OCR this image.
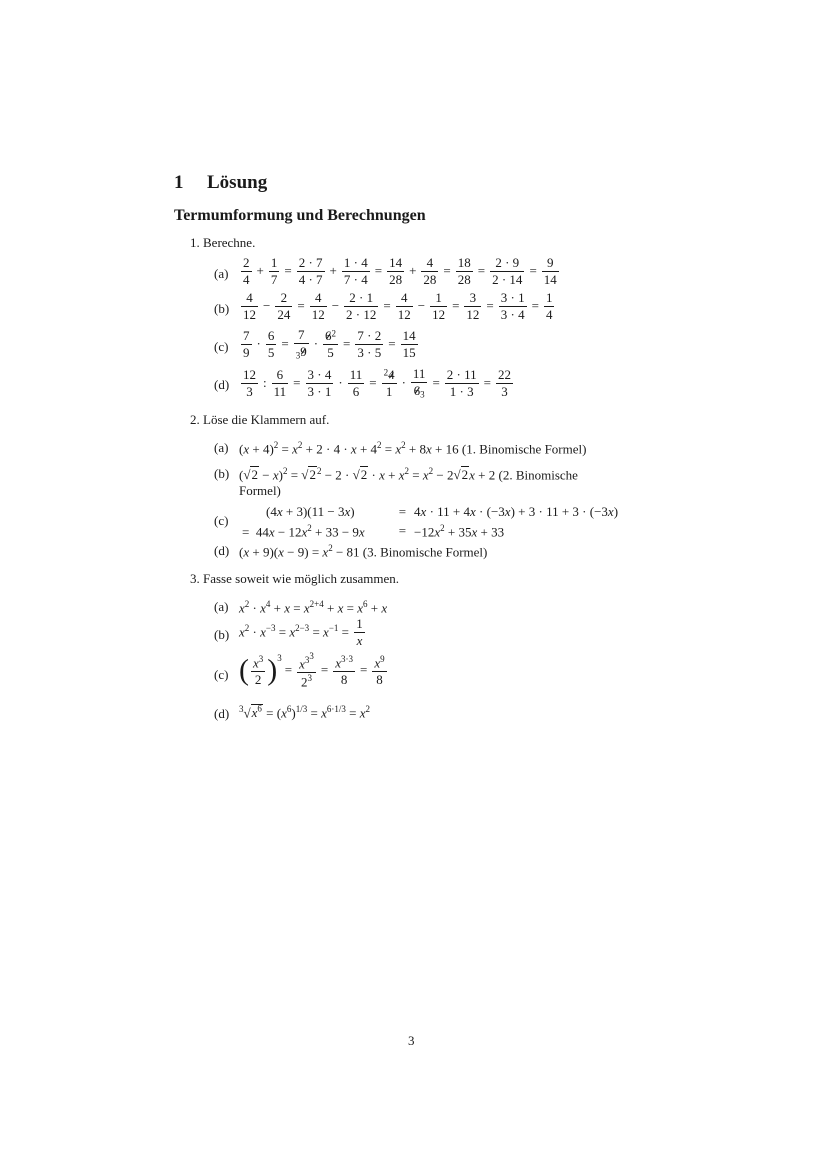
1 Lösung
Termumformung und Berechnungen
1. Berechne.
$(a) \frac{2}{4} + \frac{1}{7} = \frac{2 \cdot 7}{4 \cdot 7} + \frac{1 \cdot 4}{7 \cdot 4} = \frac{14}{28} + \frac{4}{28} = \frac{18}{28} = \frac{2 \cdot 9}{2 \cdot 14} = \frac{9}{14}$
$(b) \frac{4}{12} - \frac{2}{24} = \frac{4}{12} - \frac{2 \cdot 1}{2 \cdot 12} = \frac{4}{12} - \frac{1}{12} = \frac{3}{12} = \frac{3 \cdot 1}{3 \cdot 4} = \frac{1}{4}$
$(c) \frac{7}{9} \cdot \frac{6}{5} = \frac{7}{_39} \cdot \frac{6^2}{5} = \frac{7 \cdot 2}{3 \cdot 5} = \frac{14}{15}$
$(d) \frac{12}{3}$ : $\frac{6}{11} = \frac{3 \cdot 4}{3 \cdot 1} \cdot \frac{11}{6} = \frac{^24}{1} \cdot \frac{11}{6_3} = \frac{2 \cdot 11}{1 \cdot 3} = \frac{22}{3}$
2. Löse die Klammern auf.
(a) $(x + 4)^2 = x^2 + 2 \cdot 4 \cdot x + 4^2 = x^2 + 8x + 16$ (1. Binomische Formel)
(b) $(√2 - x)^2 = √2^2 - 2 \cdot √2 \cdot x + x^2 = x^2 - 2√2x + 2$ (2. Binomische
Formel)
(c)
(4x + 3)(11 − 3x)	=	4x · 11 + 4x · (−3x) + 3 · 11 + 3 · (−3x)
=  $44x - 12x^2 + 33 - 9x$	=	$-12x^2 + 35x + 33$
(d) $(x + 9)(x - 9) = x^2 - 81$ (3. Binomische Formel)
3. Fasse soweit wie möglich zusammen.
(a) $x^2 \cdot x^4 + x = x^{2+4} + x = x^6 + x$
(b) $x^2 \cdot x^{-3} = x^{2-3} = x^{-1} = \frac{1}{x}$
(c) ( $\frac{x^3}{2} )^3= \frac{x^{3^3}}{2^3} = \frac{x^{3\cdot 3}}{8} = \frac{x^9}{8}$
(d) $^3√x^6 = (x^6)^{1/3} = x^{6\cdot 1/3} = x^2$
3
